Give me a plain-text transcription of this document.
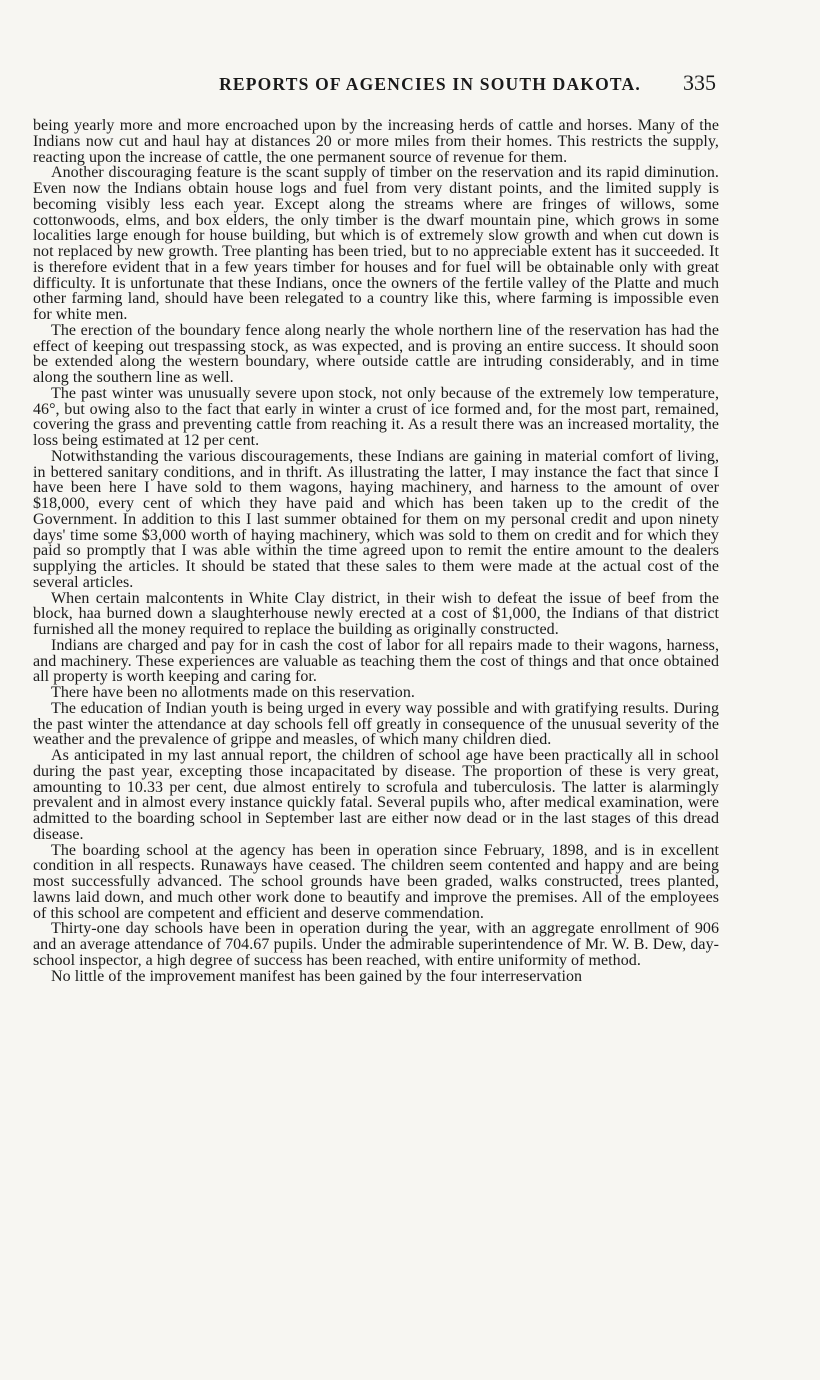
REPORTS OF AGENCIES IN SOUTH DAKOTA.	335

being yearly more and more encroached upon by the increasing herds of cattle and horses. Many of the Indians now cut and haul hay at distances 20 or more miles from their homes. This restricts the supply, reacting upon the increase of cattle, the one permanent source of revenue for them.

Another discouraging feature is the scant supply of timber on the reservation and its rapid diminution. Even now the Indians obtain house logs and fuel from very distant points, and the limited supply is becoming visibly less each year. Except along the streams where are fringes of willows, some cottonwoods, elms, and box elders, the only timber is the dwarf mountain pine, which grows in some localities large enough for house building, but which is of extremely slow growth and when cut down is not replaced by new growth. Tree planting has been tried, but to no appreciable extent has it succeeded. It is therefore evident that in a few years timber for houses and for fuel will be obtainable only with great difficulty. It is unfortunate that these Indians, once the owners of the fertile valley of the Platte and much other farming land, should have been relegated to a country like this, where farming is impossible even for white men.

The erection of the boundary fence along nearly the whole northern line of the reservation has had the effect of keeping out trespassing stock, as was expected, and is proving an entire success. It should soon be extended along the western boundary, where outside cattle are intruding considerably, and in time along the southern line as well.

The past winter was unusually severe upon stock, not only because of the extremely low temperature, 46°, but owing also to the fact that early in winter a crust of ice formed and, for the most part, remained, covering the grass and preventing cattle from reaching it. As a result there was an increased mortality, the loss being estimated at 12 per cent.

Notwithstanding the various discouragements, these Indians are gaining in material comfort of living, in bettered sanitary conditions, and in thrift. As illustrating the latter, I may instance the fact that since I have been here I have sold to them wagons, haying machinery, and harness to the amount of over $18,000, every cent of which they have paid and which has been taken up to the credit of the Government. In addition to this I last summer obtained for them on my personal credit and upon ninety days' time some $3,000 worth of haying machinery, which was sold to them on credit and for which they paid so promptly that I was able within the time agreed upon to remit the entire amount to the dealers supplying the articles. It should be stated that these sales to them were made at the actual cost of the several articles.

When certain malcontents in White Clay district, in their wish to defeat the issue of beef from the block, haa burned down a slaughterhouse newly erected at a cost of $1,000, the Indians of that district furnished all the money required to replace the building as originally constructed.

Indians are charged and pay for in cash the cost of labor for all repairs made to their wagons, harness, and machinery. These experiences are valuable as teaching them the cost of things and that once obtained all property is worth keeping and caring for.

There have been no allotments made on this reservation.

The education of Indian youth is being urged in every way possible and with gratifying results. During the past winter the attendance at day schools fell off greatly in consequence of the unusual severity of the weather and the prevalence of grippe and measles, of which many children died.

As anticipated in my last annual report, the children of school age have been practically all in school during the past year, excepting those incapacitated by disease. The proportion of these is very great, amounting to 10.33 per cent, due almost entirely to scrofula and tuberculosis. The latter is alarmingly prevalent and in almost every instance quickly fatal. Several pupils who, after medical examination, were admitted to the boarding school in September last are either now dead or in the last stages of this dread disease.

The boarding school at the agency has been in operation since February, 1898, and is in excellent condition in all respects. Runaways have ceased. The children seem contented and happy and are being most successfully advanced. The school grounds have been graded, walks constructed, trees planted, lawns laid down, and much other work done to beautify and improve the premises. All of the employees of this school are competent and efficient and deserve commendation.

Thirty-one day schools have been in operation during the year, with an aggregate enrollment of 906 and an average attendance of 704.67 pupils. Under the admirable superintendence of Mr. W. B. Dew, day-school inspector, a high degree of success has been reached, with entire uniformity of method.

No little of the improvement manifest has been gained by the four interreservation
